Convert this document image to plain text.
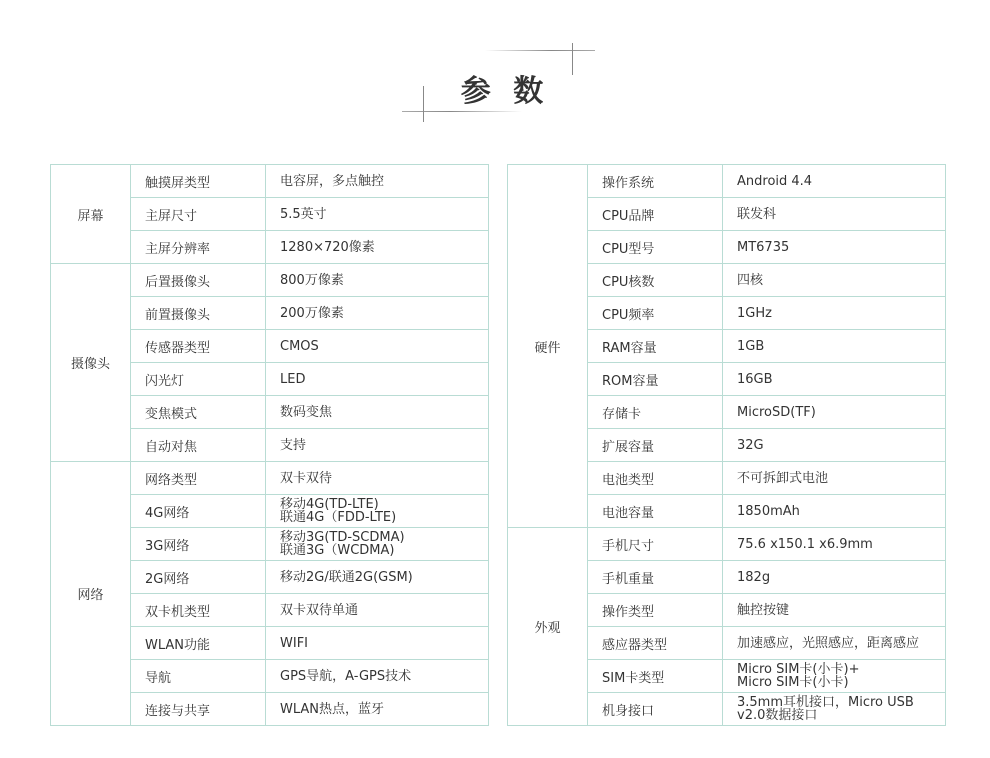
参 数
屏幕	触摸屏类型	电容屏，多点触控
	主屏尺寸	5.5英寸
	主屏分辨率	1280×720像素
摄像头	后置摄像头	800万像素
	前置摄像头	200万像素
	传感器类型	CMOS
	闪光灯	LED
	变焦模式	数码变焦
	自动对焦	支持
网络	网络类型	双卡双待
	4G网络	移动4G(TD-LTE)
联通4G（FDD-LTE)
	3G网络	移动3G(TD-SCDMA)
联通3G（WCDMA)
	2G网络	移动2G/联通2G(GSM)
	双卡机类型	双卡双待单通
	WLAN功能	WIFI
	导航	GPS导航，A-GPS技术
	连接与共享	WLAN热点，蓝牙
硬件	操作系统	Android 4.4
	CPU品牌	联发科
	CPU型号	MT6735
	CPU核数	四核
	CPU频率	1GHz
	RAM容量	1GB
	ROM容量	16GB
	存储卡	MicroSD(TF)
	扩展容量	32G
	电池类型	不可拆卸式电池
	电池容量	1850mAh
外观	手机尺寸	75.6 x150.1 x6.9mm
	手机重量	182g
	操作类型	触控按键
	感应器类型	加速感应，光照感应，距离感应
	SIM卡类型	Micro SIM卡(小卡)+
Micro SIM卡(小卡)
	机身接口	3.5mm耳机接口，Micro USB
v2.0数据接口
